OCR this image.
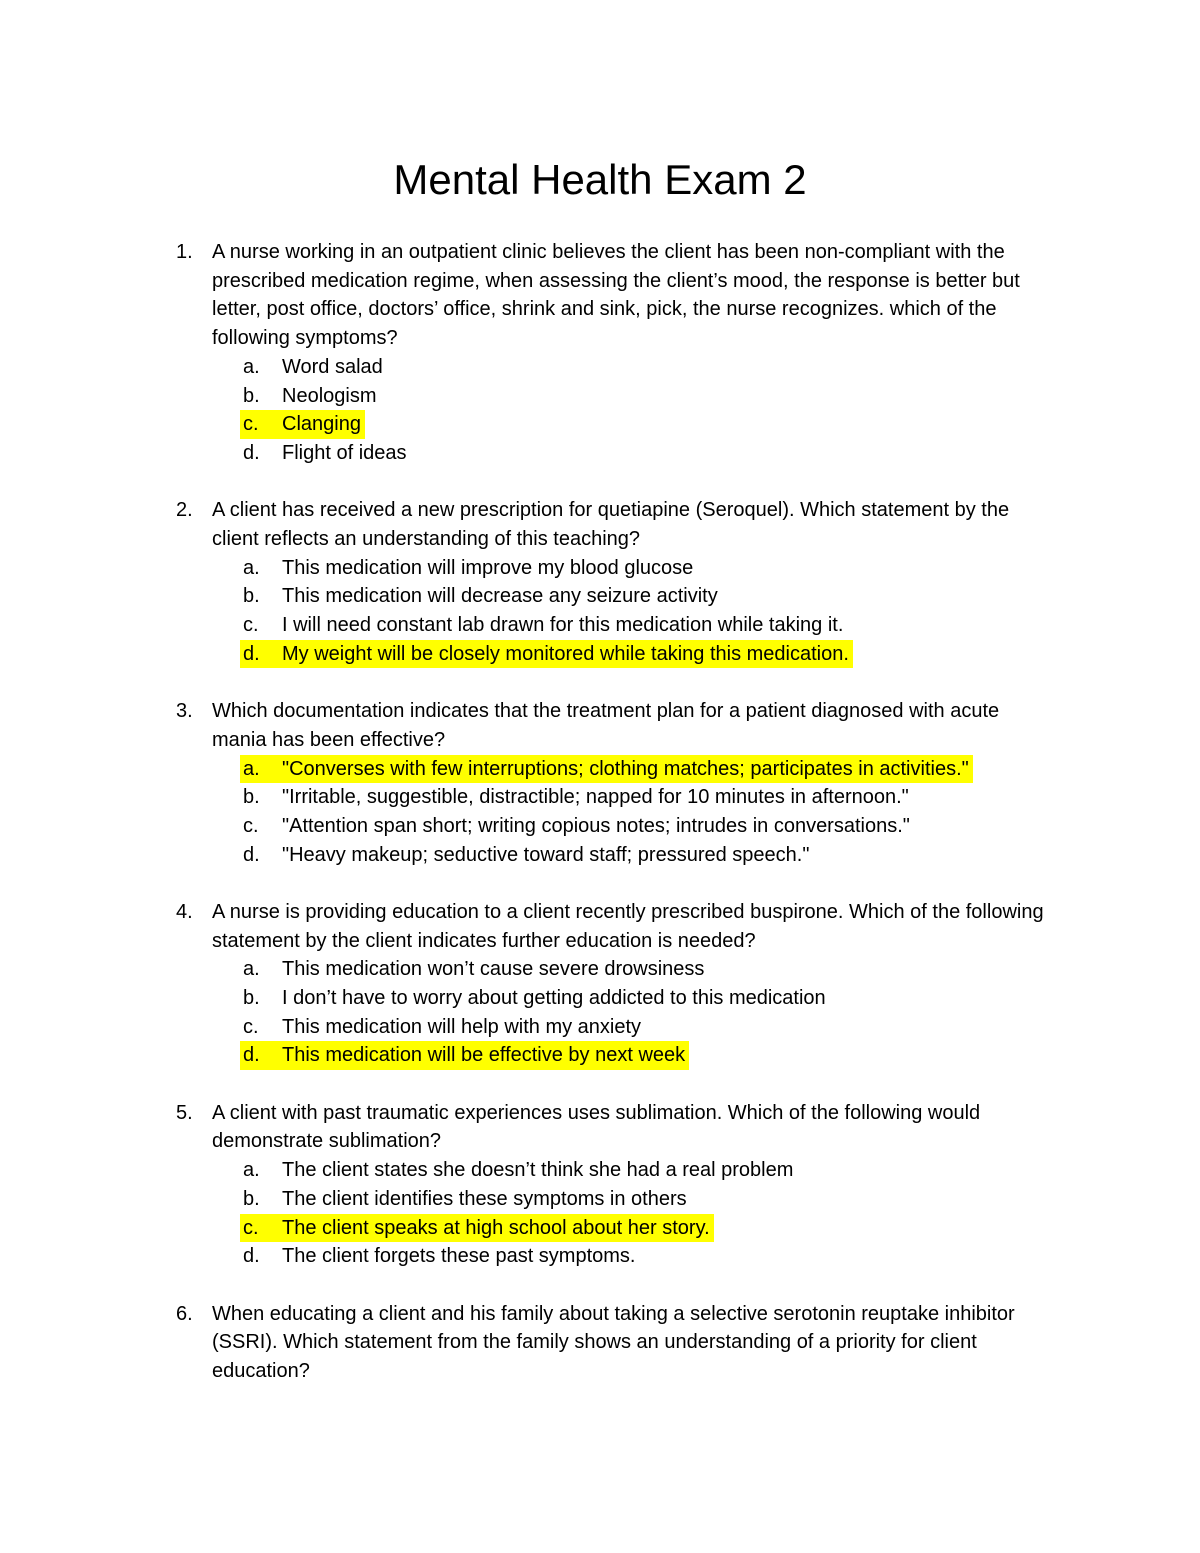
Mental Health Exam 2
1. A nurse working in an outpatient clinic believes the client has been non-compliant with the prescribed medication regime, when assessing the client’s mood, the response is better but letter, post office, doctors’ office, shrink and sink, pick, the nurse recognizes. which of the following symptoms?
a. Word salad
b. Neologism
c. Clanging
d. Flight of ideas
2. A client has received a new prescription for quetiapine (Seroquel). Which statement by the client reflects an understanding of this teaching?
a. This medication will improve my blood glucose
b. This medication will decrease any seizure activity
c. I will need constant lab drawn for this medication while taking it.
d. My weight will be closely monitored while taking this medication.
3. Which documentation indicates that the treatment plan for a patient diagnosed with acute mania has been effective?
a. "Converses with few interruptions; clothing matches; participates in activities."
b. "Irritable, suggestible, distractible; napped for 10 minutes in afternoon."
c. "Attention span short; writing copious notes; intrudes in conversations."
d. "Heavy makeup; seductive toward staff; pressured speech."
4. A nurse is providing education to a client recently prescribed buspirone. Which of the following statement by the client indicates further education is needed?
a. This medication won’t cause severe drowsiness
b. I don’t have to worry about getting addicted to this medication
c. This medication will help with my anxiety
d. This medication will be effective by next week
5. A client with past traumatic experiences uses sublimation. Which of the following would demonstrate sublimation?
a. The client states she doesn’t think she had a real problem
b. The client identifies these symptoms in others
c. The client speaks at high school about her story.
d. The client forgets these past symptoms.
6. When educating a client and his family about taking a selective serotonin reuptake inhibitor (SSRI). Which statement from the family shows an understanding of a priority for client education?
